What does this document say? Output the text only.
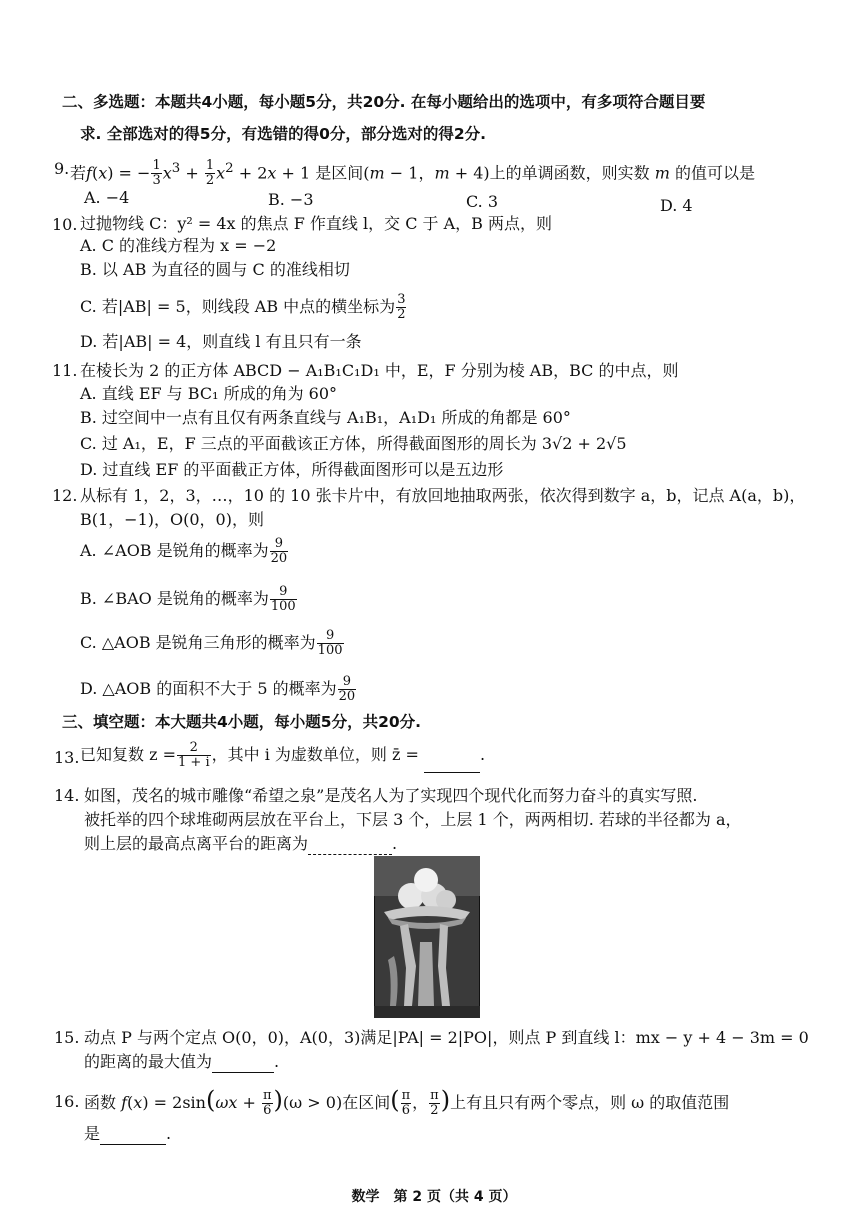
二、多选题：本题共4小题，每小题5分，共20分. 在每小题给出的选项中，有多项符合题目要
求. 全部选对的得5分，有选错的得0分，部分选对的得2分.
9. 若f(x) = − $\frac{1}{3} x^3 + \frac{1}{2} x^2 + 2x + 1$ 是区间(m − 1，m + 4)上的单调函数，则实数 m 的值可以是
A. −4	B. −3	C. 3	D. 4
10. 过抛物线 C：y² = 4x 的焦点 F 作直线 l，交 C 于 A，B 两点，则
A. C 的准线方程为 x = −2
B. 以 AB 为直径的圆与 C 的准线相切
C. 若|AB| = 5，则线段 AB 中点的横坐标为 $\frac{3}{2}$
D. 若|AB| = 4，则直线 l 有且只有一条
11. 在棱长为 2 的正方体 ABCD − A₁B₁C₁D₁ 中，E，F 分别为棱 AB，BC 的中点，则
A. 直线 EF 与 BC₁ 所成的角为 60°
B. 过空间中一点有且仅有两条直线与 A₁B₁，A₁D₁ 所成的角都是 60°
C. 过 A₁，E，F 三点的平面截该正方体，所得截面图形的周长为 3√2 + 2√5
D. 过直线 EF 的平面截正方体，所得截面图形可以是五边形
12. 从标有 1，2，3，…，10 的 10 张卡片中，有放回地抽取两张，依次得到数字 a，b，记点 A(a，b)，
B(1，−1)，O(0，0)，则
A. ∠AOB 是锐角的概率为 $\frac{9}{20}$
B. ∠BAO 是锐角的概率为 $\frac{9}{100}$
C. △AOB 是锐角三角形的概率为 $\frac{9}{100}$
D. △AOB 的面积不大于 5 的概率为 $\frac{9}{20}$
三、填空题：本大题共4小题，每小题5分，共20分.
13. 已知复数 $z = \frac{2}{1 + i}$ ，其中 i 为虚数单位，则 z̄ =	.
14. 如图，茂名的城市雕像“希望之泉”是茂名人为了实现四个现代化而努力奋斗的真实写照.
被托举的四个球堆砌两层放在平台上，下层 3 个，上层 1 个，两两相切. 若球的半径都为 a，
则上层的最高点离平台的距离为	.
15. 动点 P 与两个定点 O(0，0)，A(0，3)满足|PA| = 2|PO|，则点 P 到直线 l：mx − y + 4 − 3m = 0
的距离的最大值为	.
16. 函数 $f(x) = 2\sin(\omega x + \frac{\pi}{6} )(\omega > 0)$在区间( $\frac{\pi}{6}$ ， $\frac{\pi}{2}$ )上有且只有两个零点，则 ω 的取值范围
是	.
数学　第 2 页（共 4 页）
